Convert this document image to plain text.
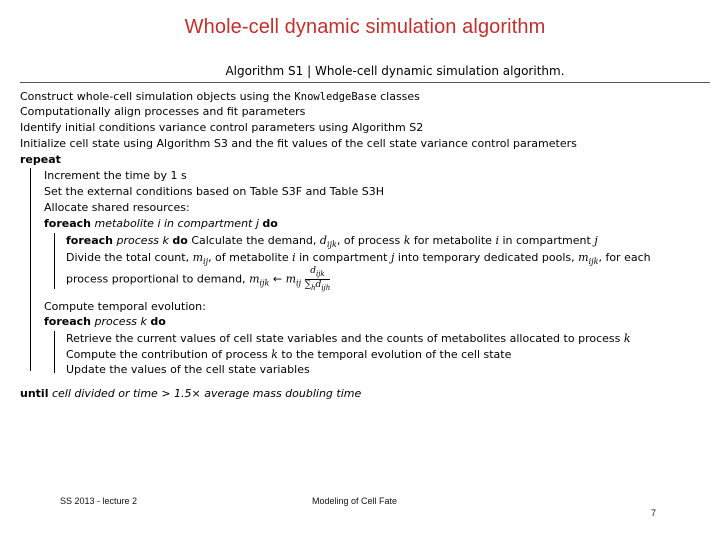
Whole-cell dynamic simulation algorithm
Algorithm S1 | Whole-cell dynamic simulation algorithm.
Construct whole-cell simulation objects using the KnowledgeBase classes
Computationally align processes and fit parameters
Identify initial conditions variance control parameters using Algorithm S2
Initialize cell state using Algorithm S3 and the fit values of the cell state variance control parameters
repeat
Increment the time by 1 s
Set the external conditions based on Table S3F and Table S3H
Allocate shared resources:
foreach metabolite i in compartment j do
foreach process k do Calculate the demand, $d_{ijk}$, of process k for metabolite i in compartment j
Divide the total count, $m_{ij}$, of metabolite i in compartment j into temporary dedicated pools, $m_{ijk}$, for each
process proportional to demand, $m_{ijk}$ ← $m_{ij} \frac{d_{ijk}}{\sum_hd_{ijh}}$
Compute temporal evolution:
foreach process k do
Retrieve the current values of cell state variables and the counts of metabolites allocated to process k
Compute the contribution of process k to the temporal evolution of the cell state
Update the values of the cell state variables
until cell divided or time > 1.5× average mass doubling time
SS 2013 - lecture 2	Modeling of Cell Fate
7
